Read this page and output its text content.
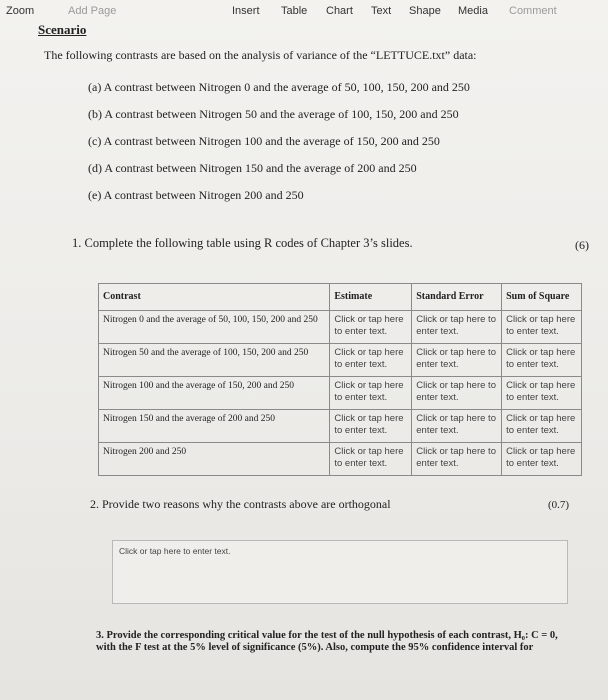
Zoom	Add Page	Insert Table Chart Text Shape Media Comment
Scenario
The following contrasts are based on the analysis of variance of the “LETTUCE.txt” data:
(a) A contrast between Nitrogen 0 and the average of 50, 100, 150, 200 and 250
(b) A contrast between Nitrogen 50 and the average of 100, 150, 200 and 250
(c) A contrast between Nitrogen 100 and the average of 150, 200 and 250
(d) A contrast between Nitrogen 150 and the average of 200 and 250
(e) A contrast between Nitrogen 200 and 250
1. Complete the following table using R codes of Chapter 3’s slides.	(6)
Contrast	Estimate	Standard Error	Sum of Square
Nitrogen 0 and the average of 50, 100, 150, 200 and 250	Click or tap here to enter text.	Click or tap here to enter text.	Click or tap here to enter text.
Nitrogen 50 and the average of 100, 150, 200 and 250	Click or tap here to enter text.	Click or tap here to enter text.	Click or tap here to enter text.
Nitrogen 100 and the average of 150, 200 and 250	Click or tap here to enter text.	Click or tap here to enter text.	Click or tap here to enter text.
Nitrogen 150 and the average of 200 and 250	Click or tap here to enter text.	Click or tap here to enter text.	Click or tap here to enter text.
Nitrogen 200 and 250	Click or tap here to enter text.	Click or tap here to enter text.	Click or tap here to enter text.
2. Provide two reasons why the contrasts above are orthogonal	(0.7)
Click or tap here to enter text.
3. Provide the corresponding critical value for the test of the null hypothesis of each contrast, H₀: C = 0, with the F test at the 5% level of significance (5%). Also, compute the 95% confidence interval for
